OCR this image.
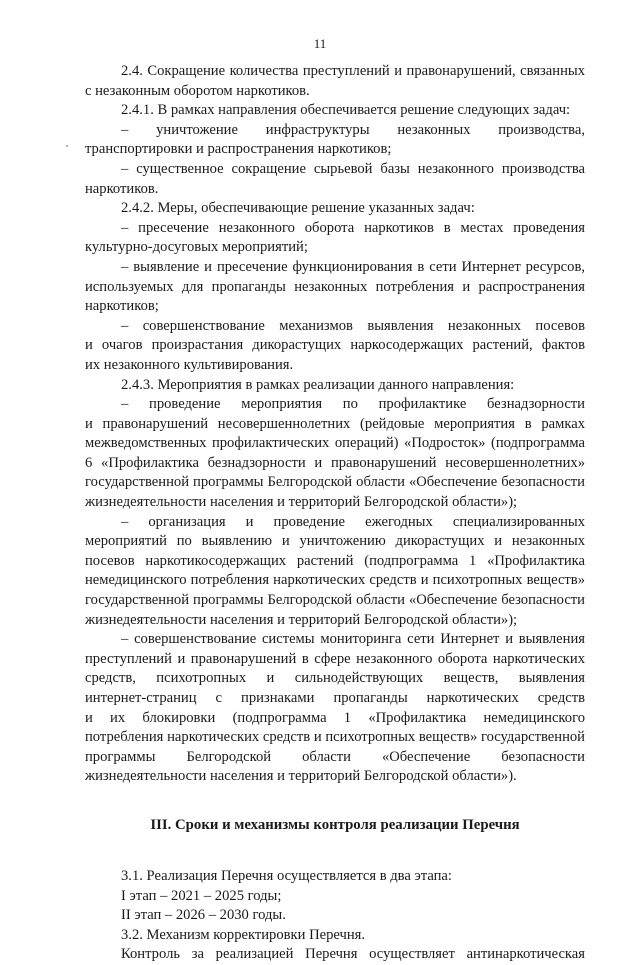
11
2.4. Сокращение количества преступлений и правонарушений, связанных
с незаконным оборотом наркотиков.
2.4.1. В рамках направления обеспечивается решение следующих задач:
– уничтожение инфраструктуры незаконных производства,
транспортировки и распространения наркотиков;
– существенное сокращение сырьевой базы незаконного производства
наркотиков.
2.4.2. Меры, обеспечивающие решение указанных задач:
– пресечение незаконного оборота наркотиков в местах проведения
культурно-досуговых мероприятий;
– выявление и пресечение функционирования в сети Интернет ресурсов,
используемых для пропаганды незаконных потребления и распространения
наркотиков;
– совершенствование механизмов выявления незаконных посевов
и очагов произрастания дикорастущих наркосодержащих растений, фактов
их незаконного культивирования.
2.4.3. Мероприятия в рамках реализации данного направления:
– проведение мероприятия по профилактике безнадзорности
и правонарушений несовершеннолетних (рейдовые мероприятия в рамках
межведомственных профилактических операций) «Подросток» (подпрограмма
6 «Профилактика безнадзорности и правонарушений несовершеннолетних»
государственной программы Белгородской области «Обеспечение безопасности
жизнедеятельности населения и территорий Белгородской области»);
– организация и проведение ежегодных специализированных
мероприятий по выявлению и уничтожению дикорастущих и незаконных
посевов наркотикосодержащих растений (подпрограмма 1 «Профилактика
немедицинского потребления наркотических средств и психотропных веществ»
государственной программы Белгородской области «Обеспечение безопасности
жизнедеятельности населения и территорий Белгородской области»);
– совершенствование системы мониторинга сети Интернет и выявления
преступлений и правонарушений в сфере незаконного оборота наркотических
средств, психотропных и сильнодействующих веществ, выявления
интернет-страниц с признаками пропаганды наркотических средств
и их блокировки (подпрограмма 1 «Профилактика немедицинского
потребления наркотических средств и психотропных веществ» государственной
программы Белгородской области «Обеспечение безопасности
жизнедеятельности населения и территорий Белгородской области»).
III. Сроки и механизмы контроля реализации Перечня
3.1. Реализация Перечня осуществляется в два этапа:
I этап – 2021 – 2025 годы;
II этап – 2026 – 2030 годы.
3.2. Механизм корректировки Перечня.
Контроль за реализацией Перечня осуществляет антинаркотическая
